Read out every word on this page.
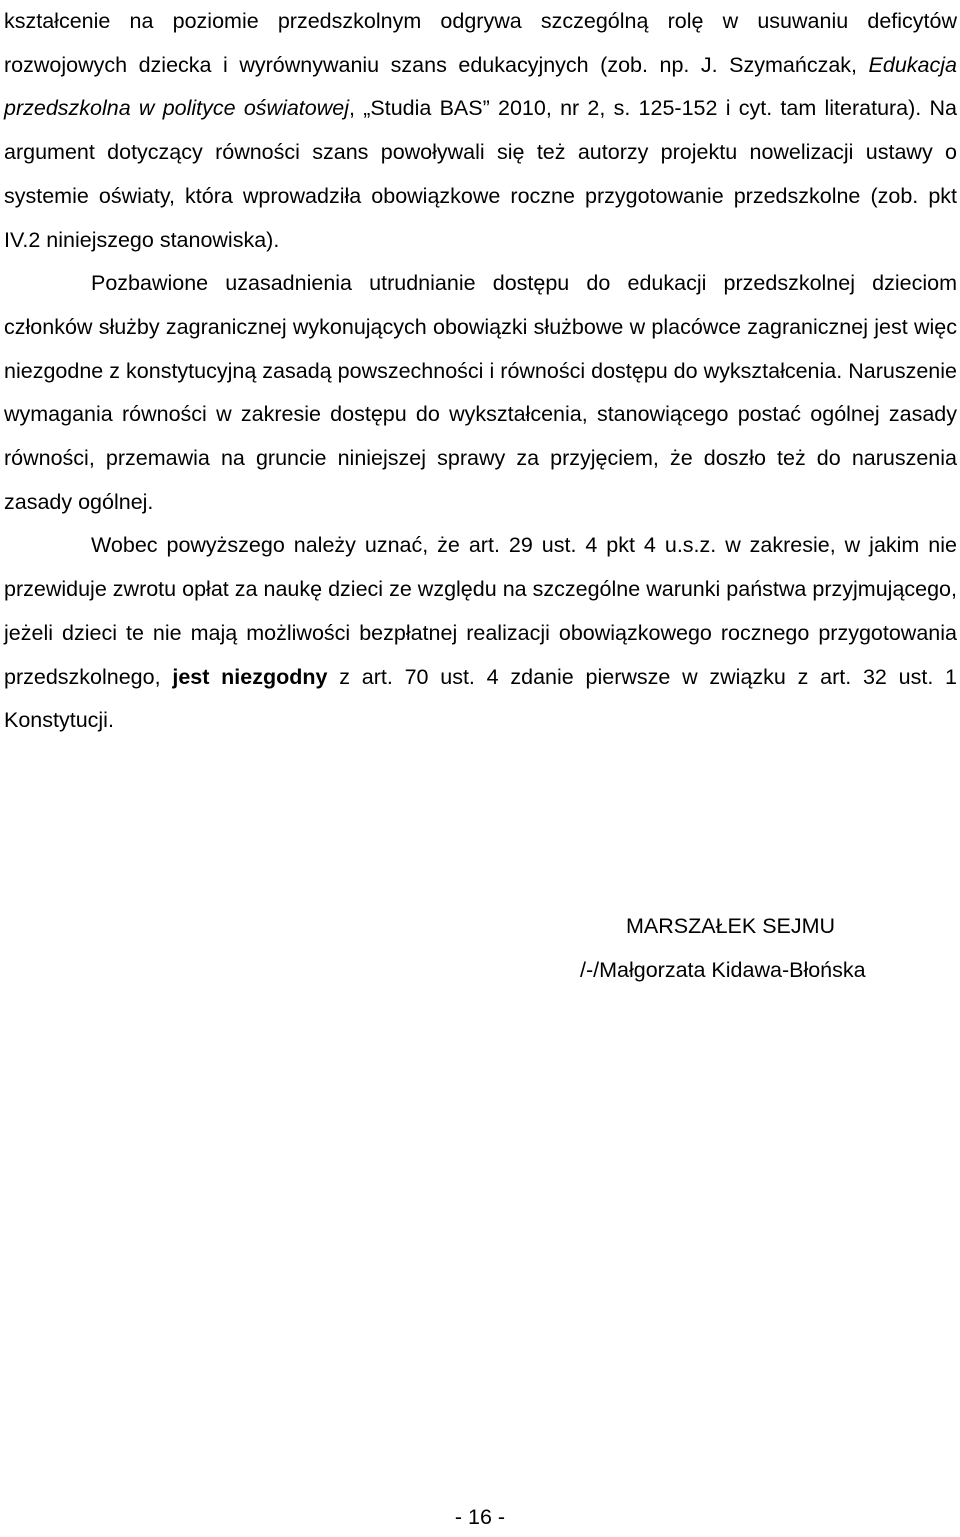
kształcenie na poziomie przedszkolnym odgrywa szczególną rolę w usuwaniu deficytów rozwojowych dziecka i wyrównywaniu szans edukacyjnych (zob. np. J. Szymańczak, Edukacja przedszkolna w polityce oświatowej, „Studia BAS” 2010, nr 2, s. 125-152 i cyt. tam literatura). Na argument dotyczący równości szans powoływali się też autorzy projektu nowelizacji ustawy o systemie oświaty, która wprowadziła obowiązkowe roczne przygotowanie przedszkolne (zob. pkt IV.2 niniejszego stanowiska).

Pozbawione uzasadnienia utrudnianie dostępu do edukacji przedszkolnej dzieciom członków służby zagranicznej wykonujących obowiązki służbowe w placówce zagranicznej jest więc niezgodne z konstytucyjną zasadą powszechności i równości dostępu do wykształcenia. Naruszenie wymagania równości w zakresie dostępu do wykształcenia, stanowiącego postać ogólnej zasady równości, przemawia na gruncie niniejszej sprawy za przyjęciem, że doszło też do naruszenia zasady ogólnej.

Wobec powyższego należy uznać, że art. 29 ust. 4 pkt 4 u.s.z. w zakresie, w jakim nie przewiduje zwrotu opłat za naukę dzieci ze względu na szczególne warunki państwa przyjmującego, jeżeli dzieci te nie mają możliwości bezpłatnej realizacji obowiązkowego rocznego przygotowania przedszkolnego, jest niezgodny z art. 70 ust. 4 zdanie pierwsze w związku z art. 32 ust. 1 Konstytucji.

MARSZAŁEK SEJMU
/-/Małgorzata Kidawa-Błońska
- 16 -
